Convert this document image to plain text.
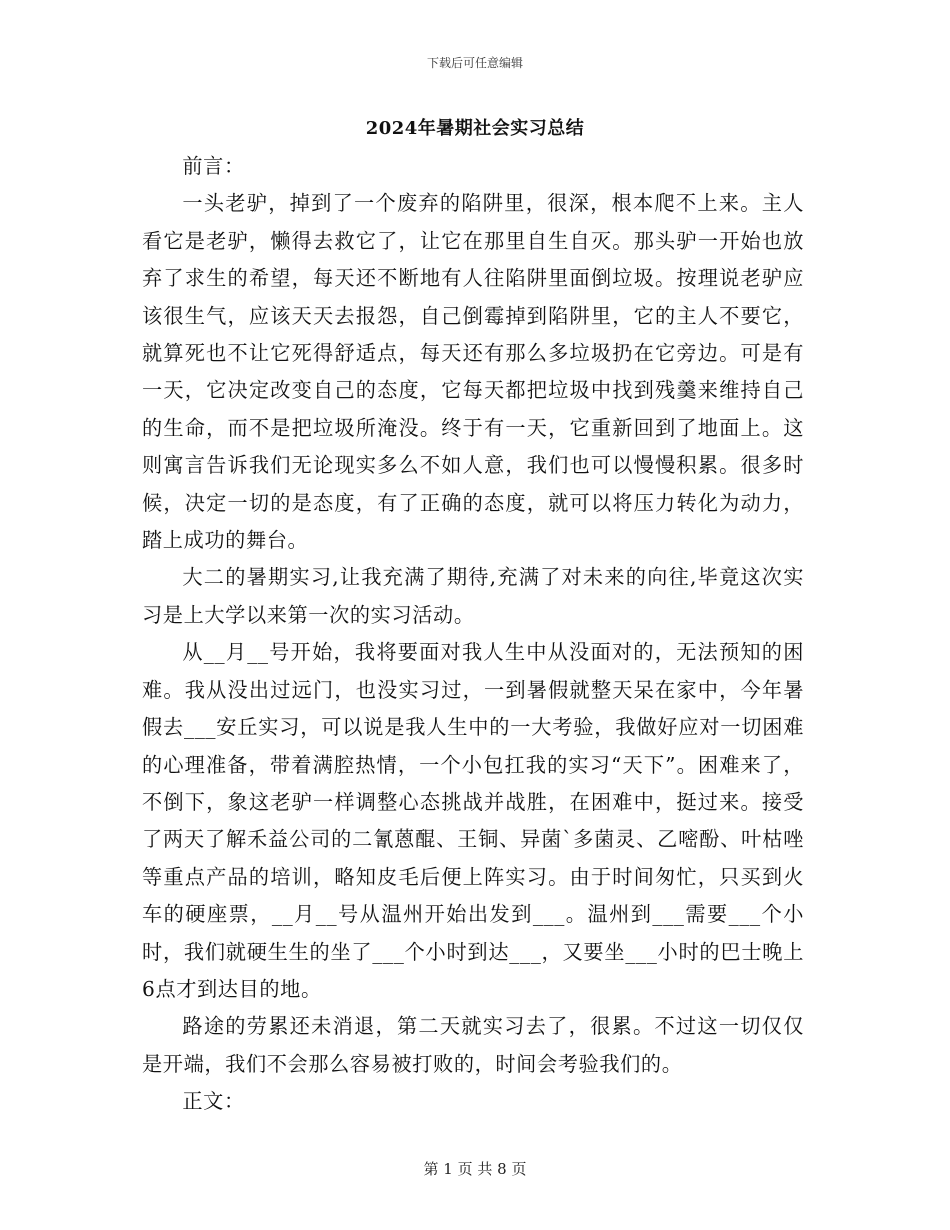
下载后可任意编辑
2024年暑期社会实习总结

前言：

一头老驴，掉到了一个废弃的陷阱里，很深，根本爬不上来。主人看它是老驴，懒得去救它了，让它在那里自生自灭。那头驴一开始也放弃了求生的希望，每天还不断地有人往陷阱里面倒垃圾。按理说老驴应该很生气，应该天天去报怨，自己倒霉掉到陷阱里，它的主人不要它，就算死也不让它死得舒适点，每天还有那么多垃圾扔在它旁边。可是有一天，它决定改变自己的态度，它每天都把垃圾中找到残羹来维持自己的生命，而不是把垃圾所淹没。终于有一天，它重新回到了地面上。这则寓言告诉我们无论现实多么不如人意，我们也可以慢慢积累。很多时候，决定一切的是态度，有了正确的态度，就可以将压力转化为动力，踏上成功的舞台。

大二的暑期实习,让我充满了期待,充满了对未来的向往,毕竟这次实习是上大学以来第一次的实习活动。

从__月__号开始，我将要面对我人生中从没面对的，无法预知的困难。我从没出过远门，也没实习过，一到暑假就整天呆在家中，今年暑假去___安丘实习，可以说是我人生中的一大考验，我做好应对一切困难的心理准备，带着满腔热情，一个小包扛我的实习“天下”。困难来了，不倒下，象这老驴一样调整心态挑战并战胜，在困难中，挺过来。接受了两天了解禾益公司的二氰蒽醌、王铜、异菌`多菌灵、乙嘧酚、叶枯唑等重点产品的培训，略知皮毛后便上阵实习。由于时间匆忙，只买到火车的硬座票，__月__号从温州开始出发到___。温州到___需要___个小时，我们就硬生生的坐了___个小时到达___，又要坐___小时的巴士晚上6点才到达目的地。

路途的劳累还未消退，第二天就实习去了，很累。不过这一切仅仅是开端，我们不会那么容易被打败的，时间会考验我们的。

正文：

第 1 页 共 8 页
